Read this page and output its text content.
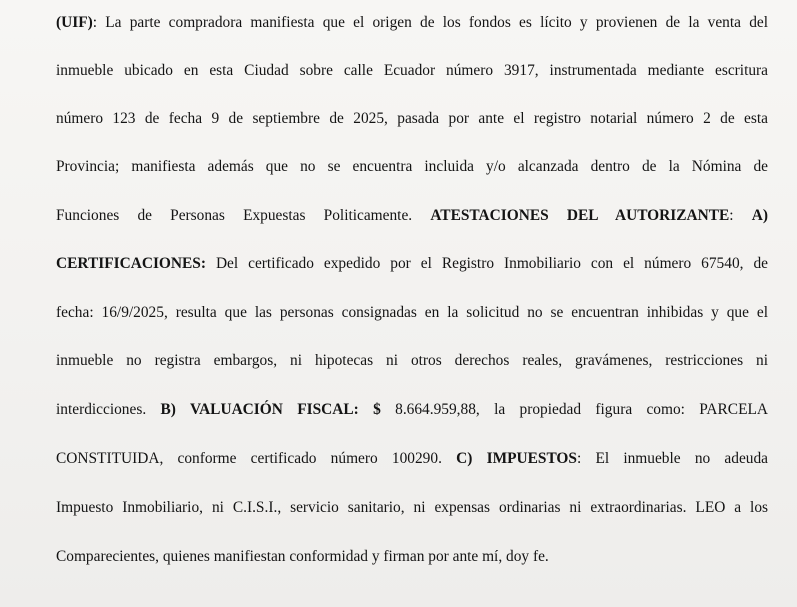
(UIF): La parte compradora manifiesta que el origen de los fondos es lícito y provienen de la venta del
inmueble ubicado en esta Ciudad sobre calle Ecuador número 3917, instrumentada mediante escritura
número 123 de fecha 9 de septiembre de 2025, pasada por ante el registro notarial número 2 de esta
Provincia; manifiesta además que no se encuentra incluida y/o alcanzada dentro de la Nómina de
Funciones de Personas Expuestas Politicamente. ATESTACIONES DEL AUTORIZANTE: A)
CERTIFICACIONES: Del certificado expedido por el Registro Inmobiliario con el número 67540, de
fecha: 16/9/2025, resulta que las personas consignadas en la solicitud no se encuentran inhibidas y que el
inmueble no registra embargos, ni hipotecas ni otros derechos reales, gravámenes, restricciones ni
interdicciones. B) VALUACIÓN FISCAL: $ 8.664.959,88, la propiedad figura como: PARCELA
CONSTITUIDA, conforme certificado número 100290. C) IMPUESTOS: El inmueble no adeuda
Impuesto Inmobiliario, ni C.I.S.I., servicio sanitario, ni expensas ordinarias ni extraordinarias. LEO a los
Comparecientes, quienes manifiestan conformidad y firman por ante mí, doy fe.
